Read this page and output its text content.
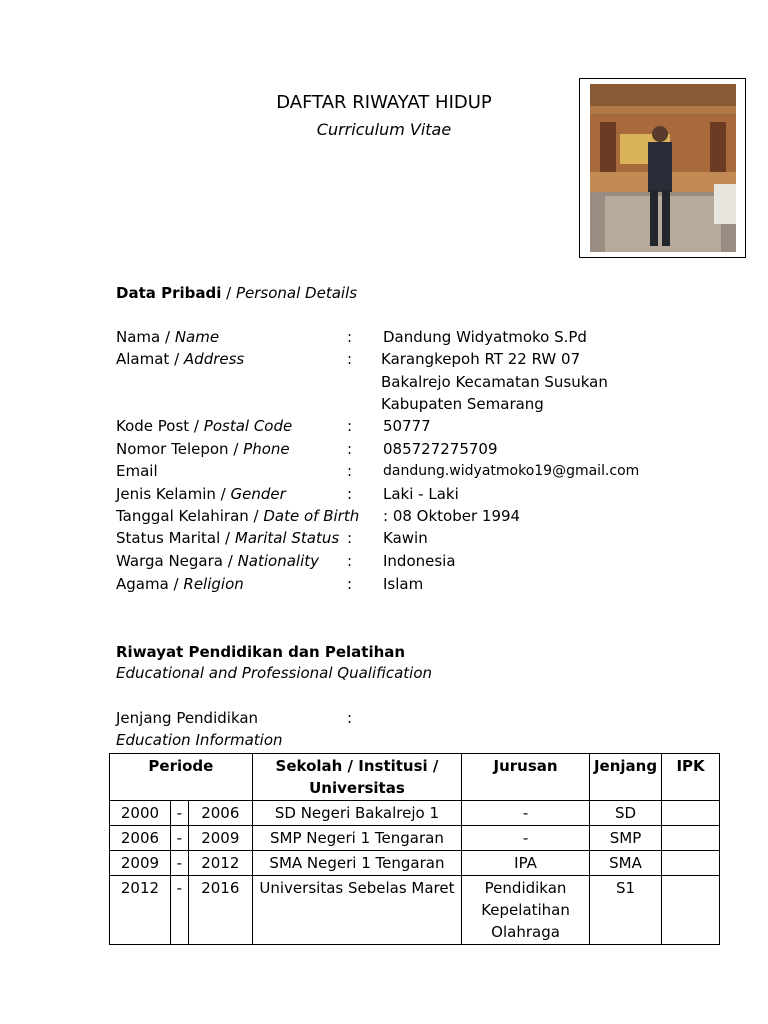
DAFTAR RIWAYAT HIDUP
Curriculum Vitae
Data Pribadi / Personal Details
Nama / Name	: Dandung Widyatmoko S.Pd
Alamat / Address	: Karangkepoh RT 22 RW 07
Bakalrejo Kecamatan Susukan
Kabupaten Semarang
Kode Post / Postal Code	: 50777
Nomor Telepon / Phone	: 085727275709
Email	: dandung.widyatmoko19@gmail.com
Jenis Kelamin / Gender	: Laki - Laki
Tanggal Kelahiran / Date of Birth : 08 Oktober 1994
Status Marital / Marital Status : Kawin
Warga Negara / Nationality : Indonesia
Agama / Religion	: Islam
Riwayat Pendidikan dan Pelatihan
Educational and Professional Qualification
Jenjang Pendidikan	:
Education Information
Periode			Sekolah / Institusi / Universitas	Jurusan	Jenjang	IPK
2000	-	2006	SD Negeri Bakalrejo 1	-	SD	
2006	-	2009	SMP Negeri 1 Tengaran	-	SMP	
2009	-	2012	SMA Negeri 1 Tengaran	IPA	SMA	
2012	-	2016	Universitas Sebelas Maret	Pendidikan Kepelatihan Olahraga	S1	
